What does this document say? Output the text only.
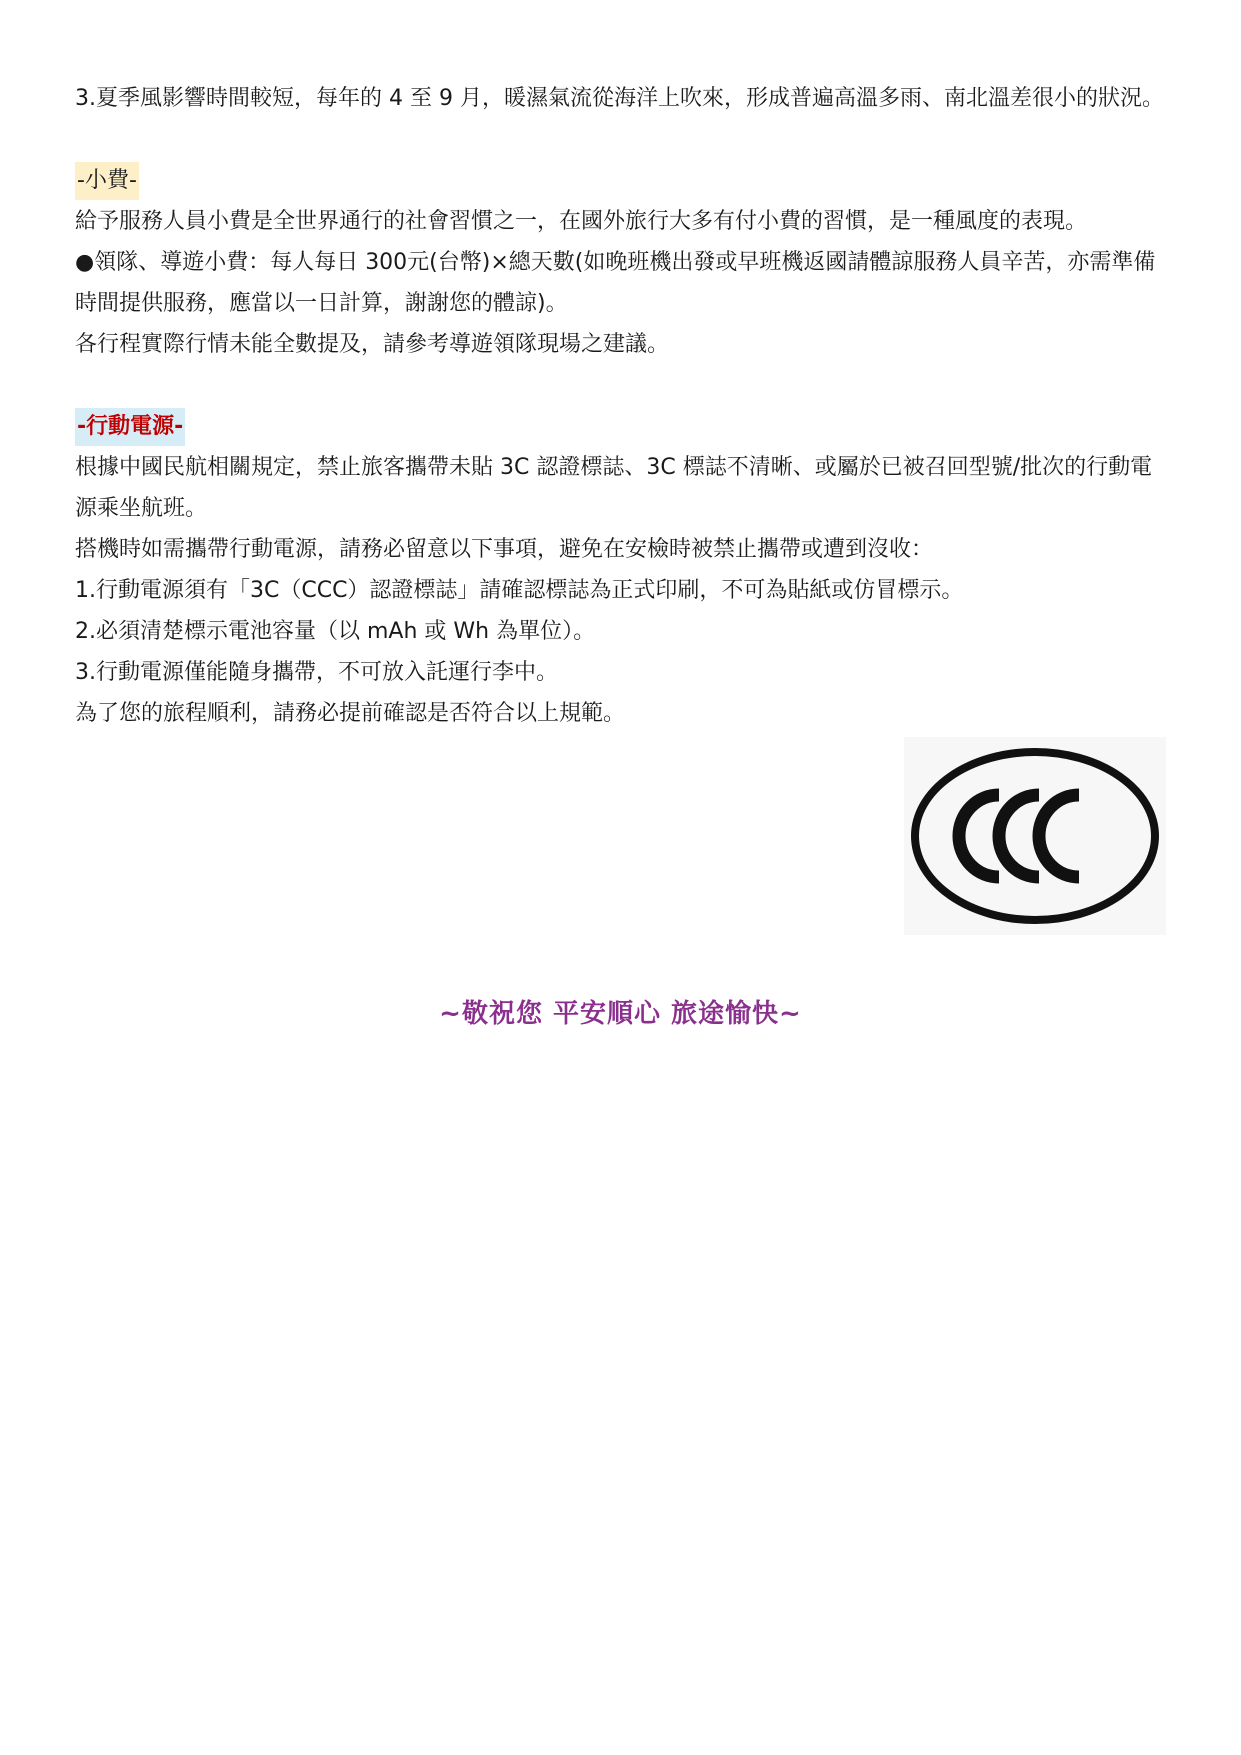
3.夏季風影響時間較短，每年的 4 至 9 月，暖濕氣流從海洋上吹來，形成普遍高溫多雨、南北溫差很小的狀況。

-小費-

給予服務人員小費是全世界通行的社會習慣之一，在國外旅行大多有付小費的習慣，是一種風度的表現。

●領隊、導遊小費：每人每日 300元(台幣)×總天數(如晚班機出發或早班機返國請體諒服務人員辛苦，亦需準備時間提供服務，應當以一日計算，謝謝您的體諒)。

各行程實際行情未能全數提及，請參考導遊領隊現場之建議。

-行動電源-

根據中國民航相關規定，禁止旅客攜帶未貼 3C 認證標誌、3C 標誌不清晰、或屬於已被召回型號/批次的行動電源乘坐航班。

搭機時如需攜帶行動電源，請務必留意以下事項，避免在安檢時被禁止攜帶或遭到沒收：

1.行動電源須有「3C（CCC）認證標誌」請確認標誌為正式印刷，不可為貼紙或仿冒標示。

2.必須清楚標示電池容量（以 mAh 或 Wh 為單位）。

3.行動電源僅能隨身攜帶，不可放入託運行李中。

為了您的旅程順利，請務必提前確認是否符合以上規範。

~敬祝您 平安順心 旅途愉快~
